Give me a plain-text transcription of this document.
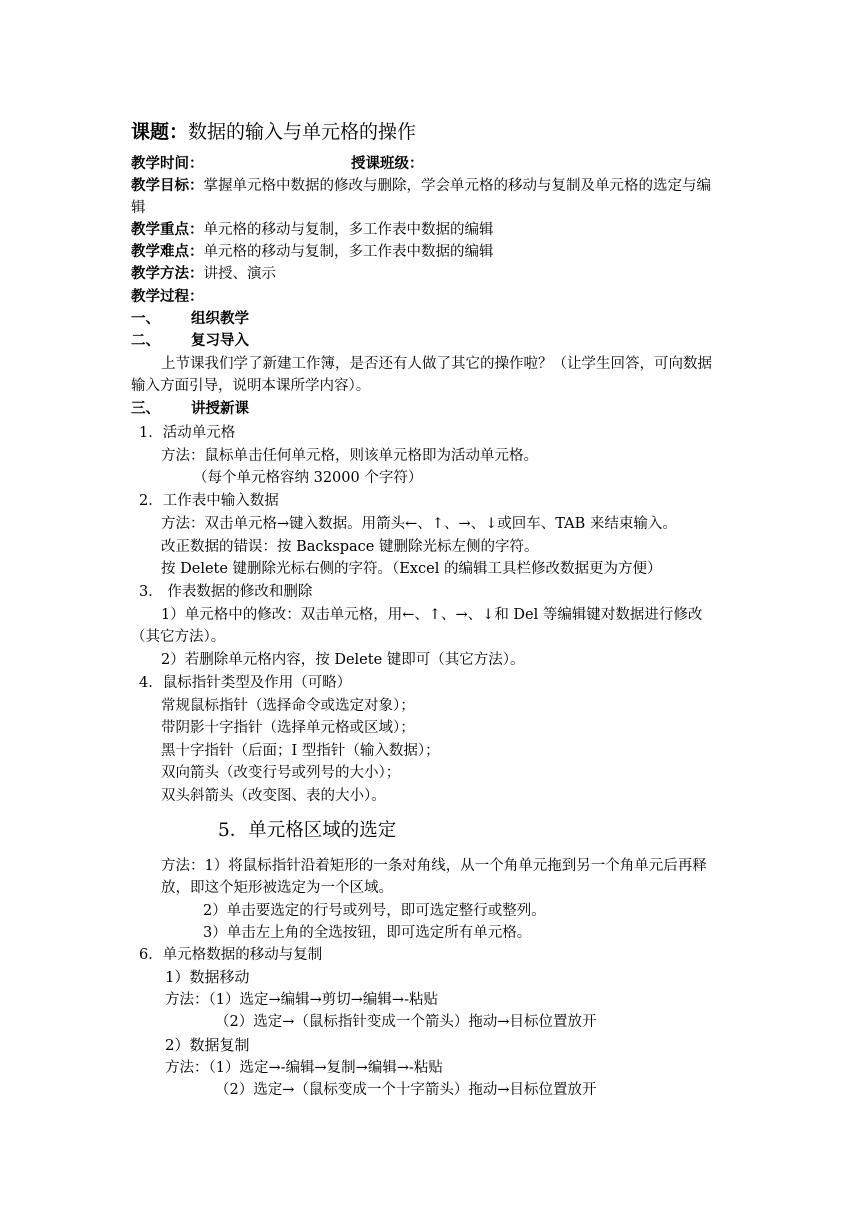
课题：数据的输入与单元格的操作
教学时间：	授课班级：
教学目标：掌握单元格中数据的修改与删除，学会单元格的移动与复制及单元格的选定与编
辑
教学重点：单元格的移动与复制，多工作表中数据的编辑
教学难点：单元格的移动与复制，多工作表中数据的编辑
教学方法：讲授、演示
教学过程：
一、 组织教学
二、 复习导入
上节课我们学了新建工作簿，是否还有人做了其它的操作啦？（让学生回答，可向数据
输入方面引导，说明本课所学内容）。
三、 讲授新课
1．活动单元格
方法：鼠标单击任何单元格，则该单元格即为活动单元格。
（每个单元格容纳 32000 个字符）
2．工作表中输入数据
方法：双击单元格→键入数据。用箭头←、↑、→、↓或回车、TAB 来结束输入。
改正数据的错误：按 Backspace 键删除光标左侧的字符。
按 Delete 键删除光标右侧的字符。（Excel 的编辑工具栏修改数据更为方便）
3． 作表数据的修改和删除
1）单元格中的修改：双击单元格，用←、↑、→、↓和 Del 等编辑键对数据进行修改
（其它方法）。
2）若删除单元格内容，按 Delete 键即可（其它方法）。
4．鼠标指针类型及作用（可略）
常规鼠标指针（选择命令或选定对象）；
带阴影十字指针（选择单元格或区域）；
黑十字指针（后面；I 型指针（输入数据）；
双向箭头（改变行号或列号的大小）；
双头斜箭头（改变图、表的大小）。
5．单元格区域的选定
方法：1）将鼠标指针沿着矩形的一条对角线，从一个角单元拖到另一个角单元后再释
放，即这个矩形被选定为一个区域。
2）单击要选定的行号或列号，即可选定整行或整列。
3）单击左上角的全选按钮，即可选定所有单元格。
6．单元格数据的移动与复制
1）数据移动
方法：（1）选定→编辑→剪切→编辑→-粘贴
（2）选定→（鼠标指针变成一个箭头）拖动→目标位置放开
2）数据复制
方法：（1）选定→-编辑→复制→编辑→-粘贴
（2）选定→（鼠标变成一个十字箭头）拖动→目标位置放开
